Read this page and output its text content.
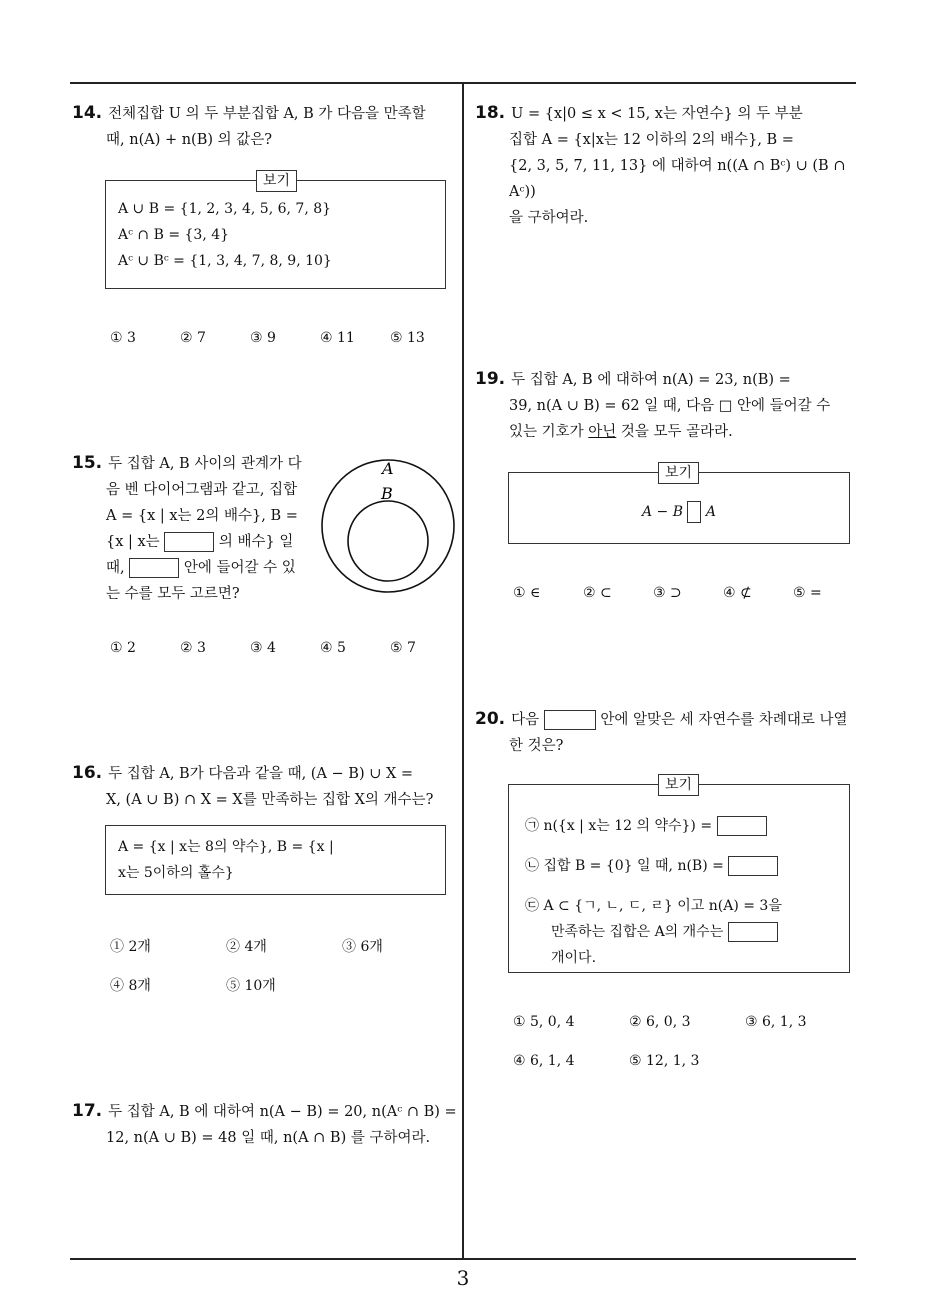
3
14. 전체집합 U 의 두 부분집합 A, B 가 다음을 만족할
때, n(A) + n(B) 의 값은?
A ∪ B = {1, 2, 3, 4, 5, 6, 7, 8}
Aᶜ ∩ B = {3, 4}
Aᶜ ∪ Bᶜ = {1, 3, 4, 7, 8, 9, 10}
보기
① 3	② 7	③ 9	④ 11	⑤ 13
15. 두 집합 A, B 사이의 관계가 다
음 벤 다이어그램과 같고, 집합
A = {x | x는 2의 배수}, B =
{x | x는	의 배수} 일
때,	안에 들어갈 수 있
는 수를 모두 고르면?
A
B
① 2	② 3	③ 4	④ 5	⑤ 7
16. 두 집합 A, B가 다음과 같을 때, (A − B) ∪ X =
X, (A ∪ B) ∩ X = X를 만족하는 집합 X의 개수는?
A = {x | x는 8의 약수}, B = {x |
x는 5이하의 홀수}
① 2개	② 4개	③ 6개
④ 8개	⑤ 10개
17. 두 집합 A, B 에 대하여 n(A − B) = 20, n(Aᶜ ∩ B) =
12, n(A ∪ B) = 48 일 때, n(A ∩ B) 를 구하여라.
18. U = {x|0 ≤ x < 15, x는 자연수} 의 두 부분
집합 A = {x|x는 12 이하의 2의 배수}, B =
{2, 3, 5, 7, 11, 13} 에 대하여 n((A ∩ Bᶜ) ∪ (B ∩ Aᶜ))
을 구하여라.
19. 두 집합 A, B 에 대하여 n(A) = 23, n(B) =
39, n(A ∪ B) = 62 일 때, 다음 □ 안에 들어갈 수
있는 기호가 아닌 것을 모두 골라라.
A − B A
보기
① ∈	② ⊂	③ ⊃	④ ⊄	⑤ =
20. 다음	안에 알맞은 세 자연수를 차례대로 나열
한 것은?
㉠ n({x | x는 12 의 약수}) =
㉡ 집합 B = {0} 일 때, n(B) =
㉢ A ⊂ {ㄱ, ㄴ, ㄷ, ㄹ} 이고 n(A) = 3을
만족하는 집합은 A의 개수는
개이다.
보기
① 5, 0, 4	② 6, 0, 3	③ 6, 1, 3
④ 6, 1, 4	⑤ 12, 1, 3
